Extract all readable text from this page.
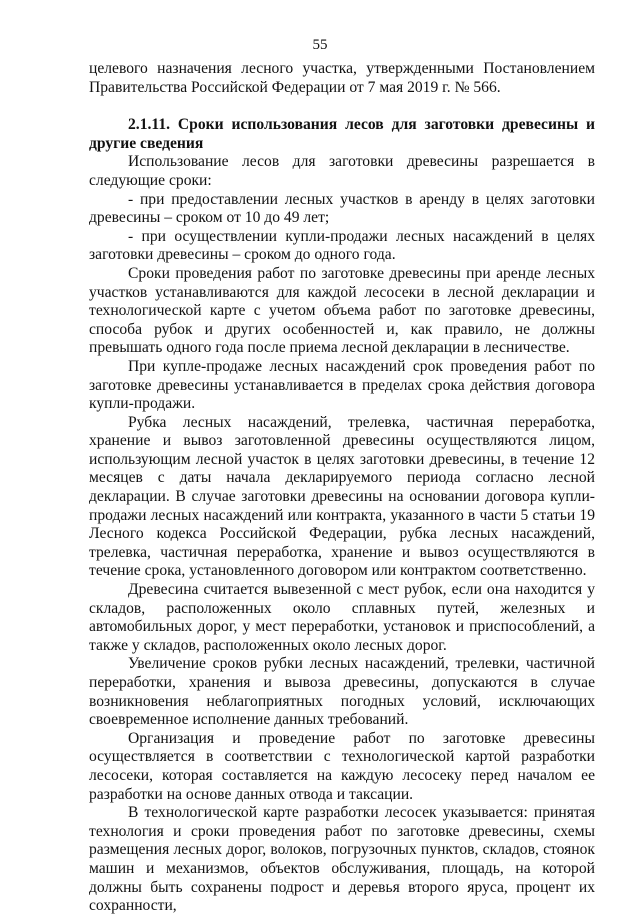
55

целевого назначения лесного участка, утвержденными Постановлением Правительства Российской Федерации от 7 мая 2019 г. № 566.

2.1.11. Сроки использования лесов для заготовки древесины и другие сведения

Использование лесов для заготовки древесины разрешается в следующие сроки:

- при предоставлении лесных участков в аренду в целях заготовки древесины – сроком от 10 до 49 лет;

- при осуществлении купли-продажи лесных насаждений в целях заготовки древесины – сроком до одного года.

Сроки проведения работ по заготовке древесины при аренде лесных участков устанавливаются для каждой лесосеки в лесной декларации и технологической карте с учетом объема работ по заготовке древесины, способа рубок и других особенностей и, как правило, не должны превышать одного года после приема лесной декларации в лесничестве.

При купле-продаже лесных насаждений срок проведения работ по заготовке древесины устанавливается в пределах срока действия договора купли-продажи.

Рубка лесных насаждений, трелевка, частичная переработка, хранение и вывоз заготовленной древесины осуществляются лицом, использующим лесной участок в целях заготовки древесины, в течение 12 месяцев с даты начала декларируемого периода согласно лесной декларации. В случае заготовки древесины на основании договора купли-продажи лесных насаждений или контракта, указанного в части 5 статьи 19 Лесного кодекса Российской Федерации, рубка лесных насаждений, трелевка, частичная переработка, хранение и вывоз осуществляются в течение срока, установленного договором или контрактом соответственно.

Древесина считается вывезенной с мест рубок, если она находится у складов, расположенных около сплавных путей, железных и автомобильных дорог, у мест переработки, установок и приспособлений, а также у складов, расположенных около лесных дорог.

Увеличение сроков рубки лесных насаждений, трелевки, частичной переработки, хранения и вывоза древесины, допускаются в случае возникновения неблагоприятных погодных условий, исключающих своевременное исполнение данных требований.

Организация и проведение работ по заготовке древесины осуществляется в соответствии с технологической картой разработки лесосеки, которая составляется на каждую лесосеку перед началом ее разработки на основе данных отвода и таксации.

В технологической карте разработки лесосек указывается: принятая технология и сроки проведения работ по заготовке древесины, схемы размещения лесных дорог, волоков, погрузочных пунктов, складов, стоянок машин и механизмов, объектов обслуживания, площадь, на которой должны быть сохранены подрост и деревья второго яруса, процент их сохранности,
